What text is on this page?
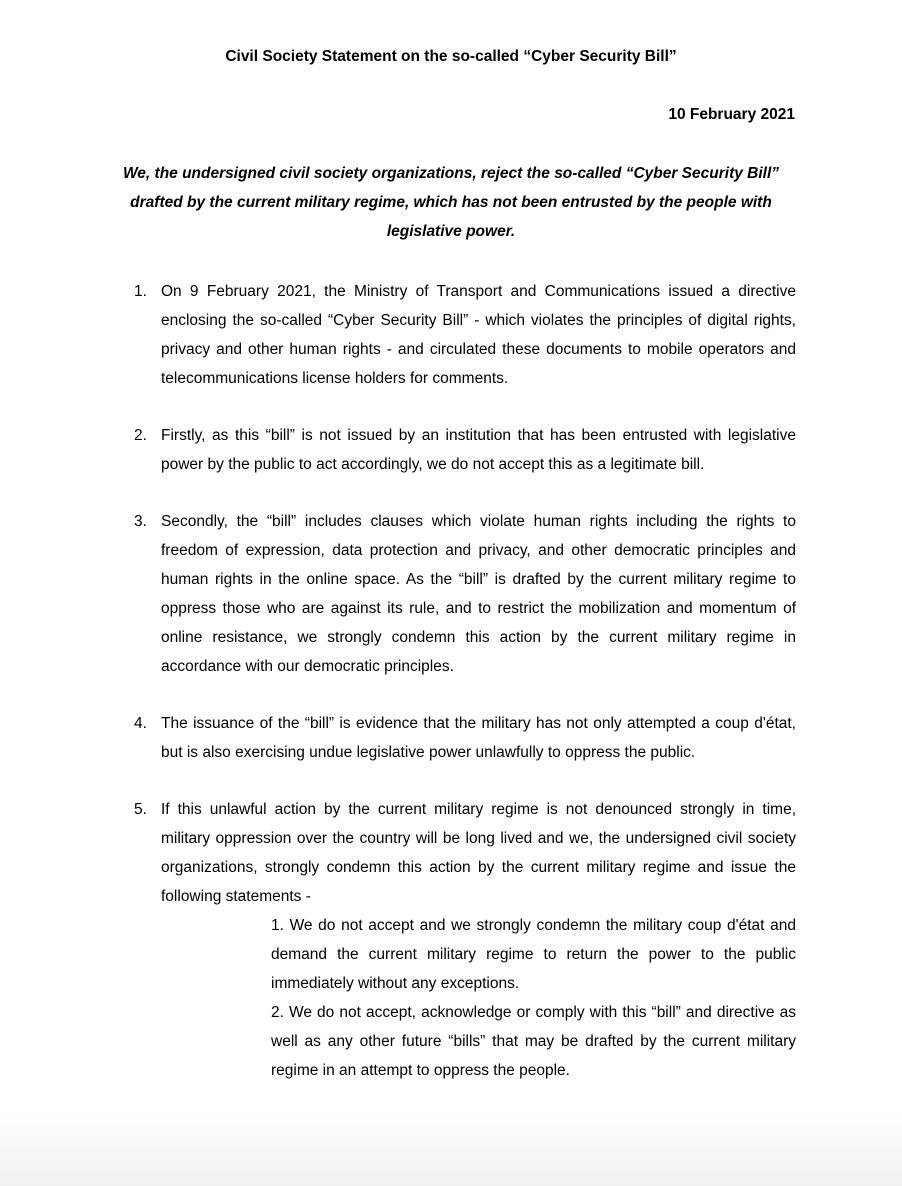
Civil Society Statement on the so-called “Cyber Security Bill”
10 February 2021
We, the undersigned civil society organizations, reject the so-called “Cyber Security Bill” drafted by the current military regime, which has not been entrusted by the people with legislative power.
1. On 9 February 2021, the Ministry of Transport and Communications issued a directive enclosing the so-called “Cyber Security Bill” - which violates the principles of digital rights, privacy and other human rights - and circulated these documents to mobile operators and telecommunications license holders for comments.
2. Firstly, as this “bill” is not issued by an institution that has been entrusted with legislative power by the public to act accordingly, we do not accept this as a legitimate bill.
3. Secondly, the “bill” includes clauses which violate human rights including the rights to freedom of expression, data protection and privacy, and other democratic principles and human rights in the online space. As the “bill” is drafted by the current military regime to oppress those who are against its rule, and to restrict the mobilization and momentum of online resistance, we strongly condemn this action by the current military regime in accordance with our democratic principles.
4. The issuance of the “bill” is evidence that the military has not only attempted a coup d'état, but is also exercising undue legislative power unlawfully to oppress the public.
5. If this unlawful action by the current military regime is not denounced strongly in time, military oppression over the country will be long lived and we, the undersigned civil society organizations, strongly condemn this action by the current military regime and issue the following statements -
1. We do not accept and we strongly condemn the military coup d'état and demand the current military regime to return the power to the public immediately without any exceptions.
2. We do not accept, acknowledge or comply with this “bill” and directive as well as any other future “bills” that may be drafted by the current military regime in an attempt to oppress the people.
